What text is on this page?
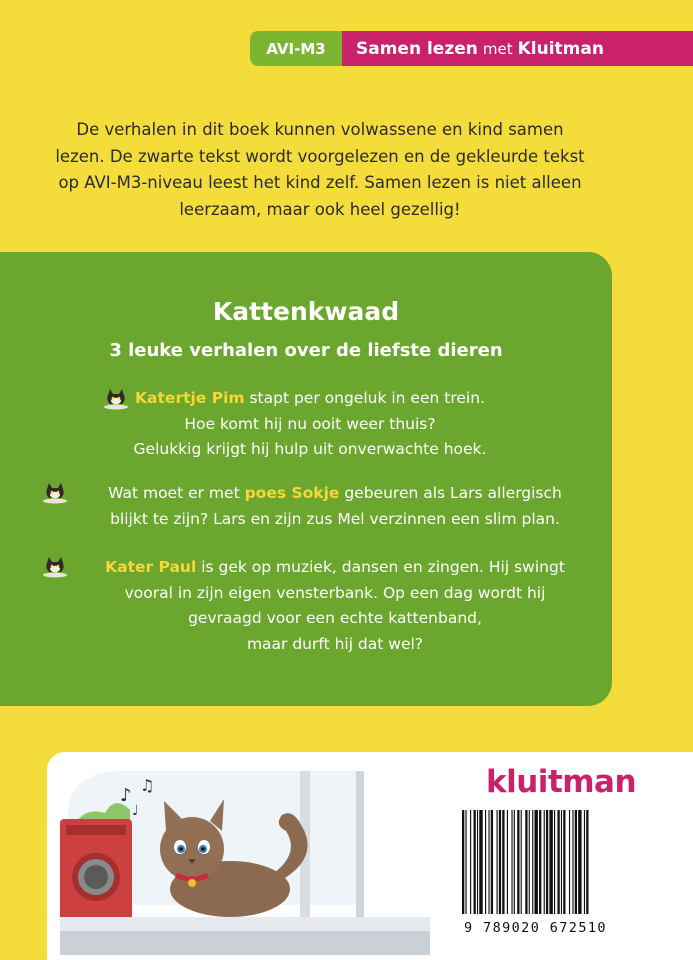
AVI-M3	Samen lezen met Kluitman
De verhalen in dit boek kunnen volwassene en kind samen
lezen. De zwarte tekst wordt voorgelezen en de gekleurde tekst
op AVI-M3-niveau leest het kind zelf. Samen lezen is niet alleen
leerzaam, maar ook heel gezellig!
Kattenkwaad
3 leuke verhalen over de liefste dieren

Katertje Pim stapt per ongeluk in een trein.

Hoe komt hij nu ooit weer thuis?

Gelukkig krijgt hij hulp uit onverwachte hoek.

Wat moet er met poes Sokje gebeuren als Lars allergisch

blijkt te zijn? Lars en zijn zus Mel verzinnen een slim plan.

Kater Paul is gek op muziek, dansen en zingen. Hij swingt

vooral in zijn eigen vensterbank. Op een dag wordt hij

gevraagd voor een echte kattenband,

maar durft hij dat wel?

♪ ♫
♩
kluitman
9 789020 672510
